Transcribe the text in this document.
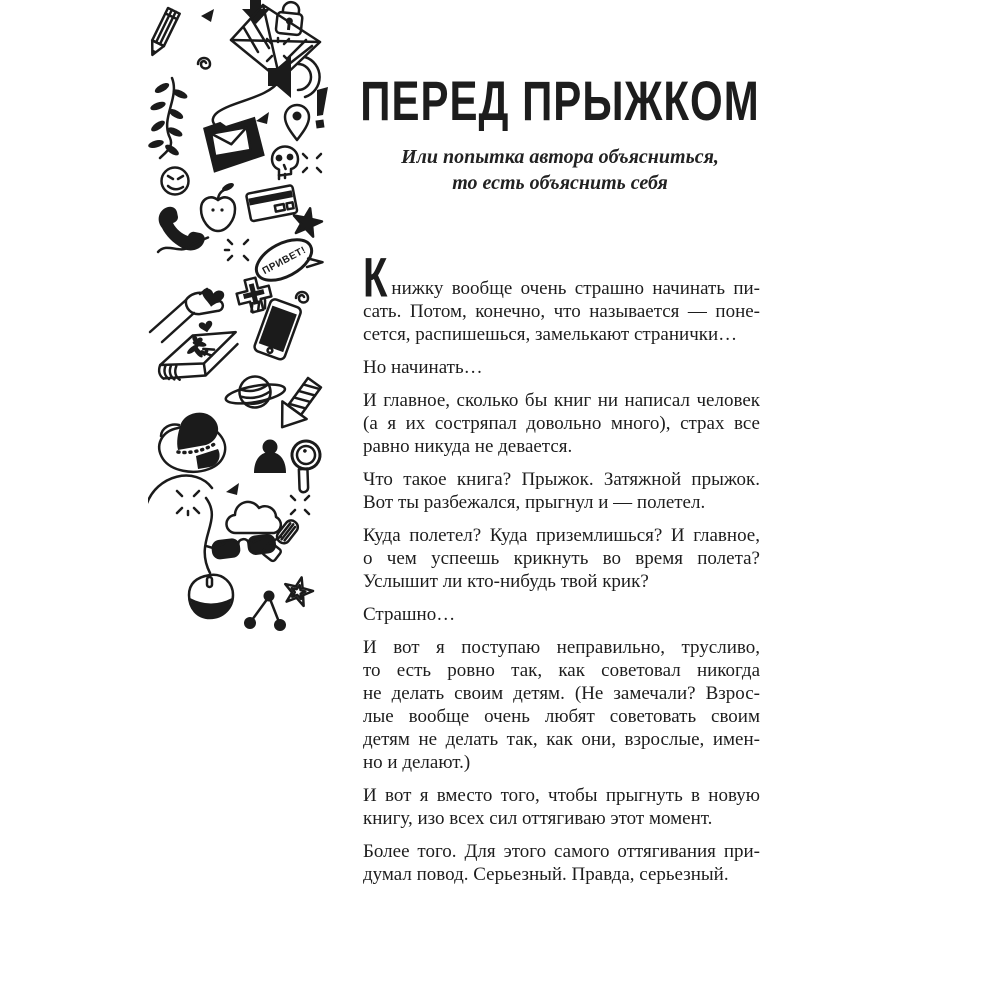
ПРИВЕТ!
ПЕРЕД ПРЫЖКОМ
Или попытка автора объясниться,
то есть объяснить себя
Книжку вообще очень страшно начинать пи-
сать. Потом, конечно, что называется — поне-
сется, распишешься, замелькают странички…
Но начинать…
И главное, сколько бы книг ни написал человек
(а я их состряпал довольно много), страх все
равно никуда не девается.
Что такое книга? Прыжок. Затяжной прыжок.
Вот ты разбежался, прыгнул и — полетел.
Куда полетел? Куда приземлишься? И главное,
о чем успеешь крикнуть во время полета?
Услышит ли кто-нибудь твой крик?
Страшно…
И вот я поступаю неправильно, трусливо,
то есть ровно так, как советовал никогда
не делать своим детям. (Не замечали? Взрос-
лые вообще очень любят советовать своим
детям не делать так, как они, взрослые, имен-
но и делают.)
И вот я вместо того, чтобы прыгнуть в новую
книгу, изо всех сил оттягиваю этот момент.
Более того. Для этого самого оттягивания при-
думал повод. Серьезный. Правда, серьезный.
